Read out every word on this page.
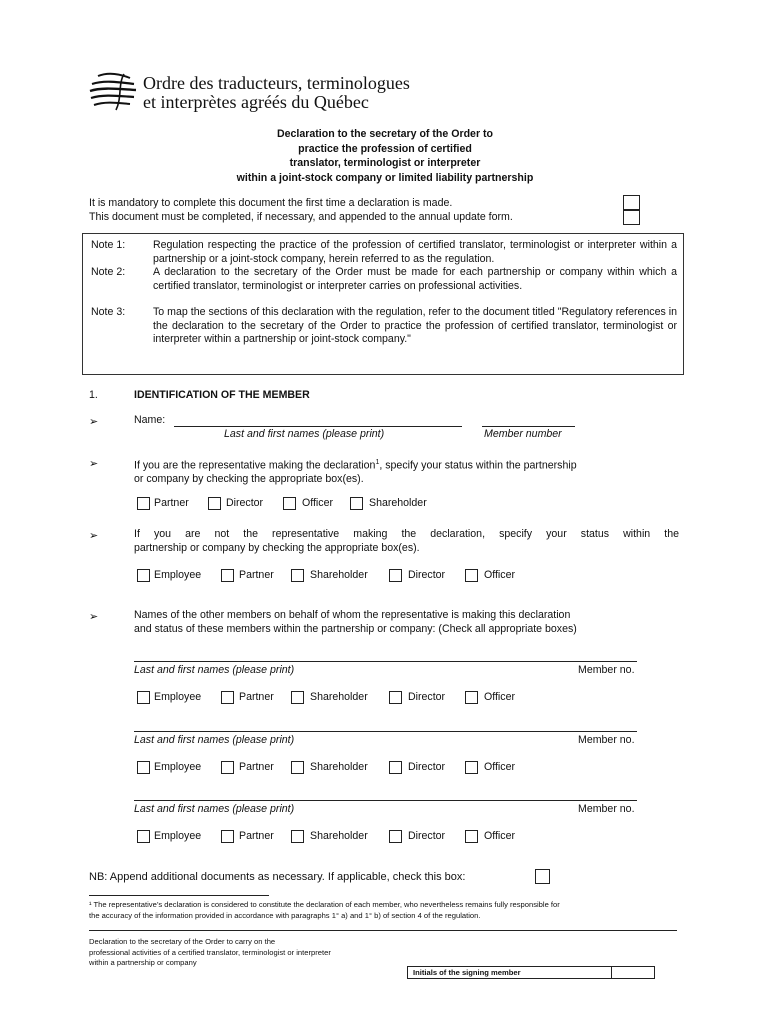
Ordre des traducteurs, terminologues
et interprètes agréés du Québec
Declaration to the secretary of the Order to
practice the profession of certified
translator, terminologist or interpreter
within a joint-stock company or limited liability partnership
It is mandatory to complete this document the first time a declaration is made.
This document must be completed, if necessary, and appended to the annual update form.
Note 1:	Regulation respecting the practice of the profession of certified translator, terminologist or interpreter within a partnership or a joint-stock company, herein referred to as the regulation.
Note 2:	A declaration to the secretary of the Order must be made for each partnership or company within which a certified translator, terminologist or interpreter carries on professional activities.
Note 3:	To map the sections of this declaration with the regulation, refer to the document titled "Regulatory references in the declaration to the secretary of the Order to practice the profession of certified translator, terminologist or interpreter within a partnership or joint-stock company."
1.	IDENTIFICATION OF THE MEMBER
➢	Name:
Last and first names (please print)	Member number
➢	If you are the representative making the declaration$^1$, specify your status within the partnership
or company by checking the appropriate box(es).
Partner	Director	Officer	Shareholder
➢	If you are not the representative making the declaration, specify your status within the
partnership or company by checking the appropriate box(es).
Employee	Partner	Shareholder	Director	Officer
➢	Names of the other members on behalf of whom the representative is making this declaration
and status of these members within the partnership or company: (Check all appropriate boxes)
Last and first names (please print)	Member no.
Employee	Partner	Shareholder	Director	Officer
Last and first names (please print)	Member no.
Employee	Partner	Shareholder	Director	Officer
Last and first names (please print)	Member no.
Employee	Partner	Shareholder	Director	Officer
NB: Append additional documents as necessary. If applicable, check this box:
¹ The representative’s declaration is considered to constitute the declaration of each member, who nevertheless remains fully responsible for
the accuracy of the information provided in accordance with paragraphs 1° a) and 1° b) of section 4 of the regulation.
Declaration to the secretary of the Order to carry on the
professional activities of a certified translator, terminologist or interpreter
within a partnership or company
Initials of the signing member
